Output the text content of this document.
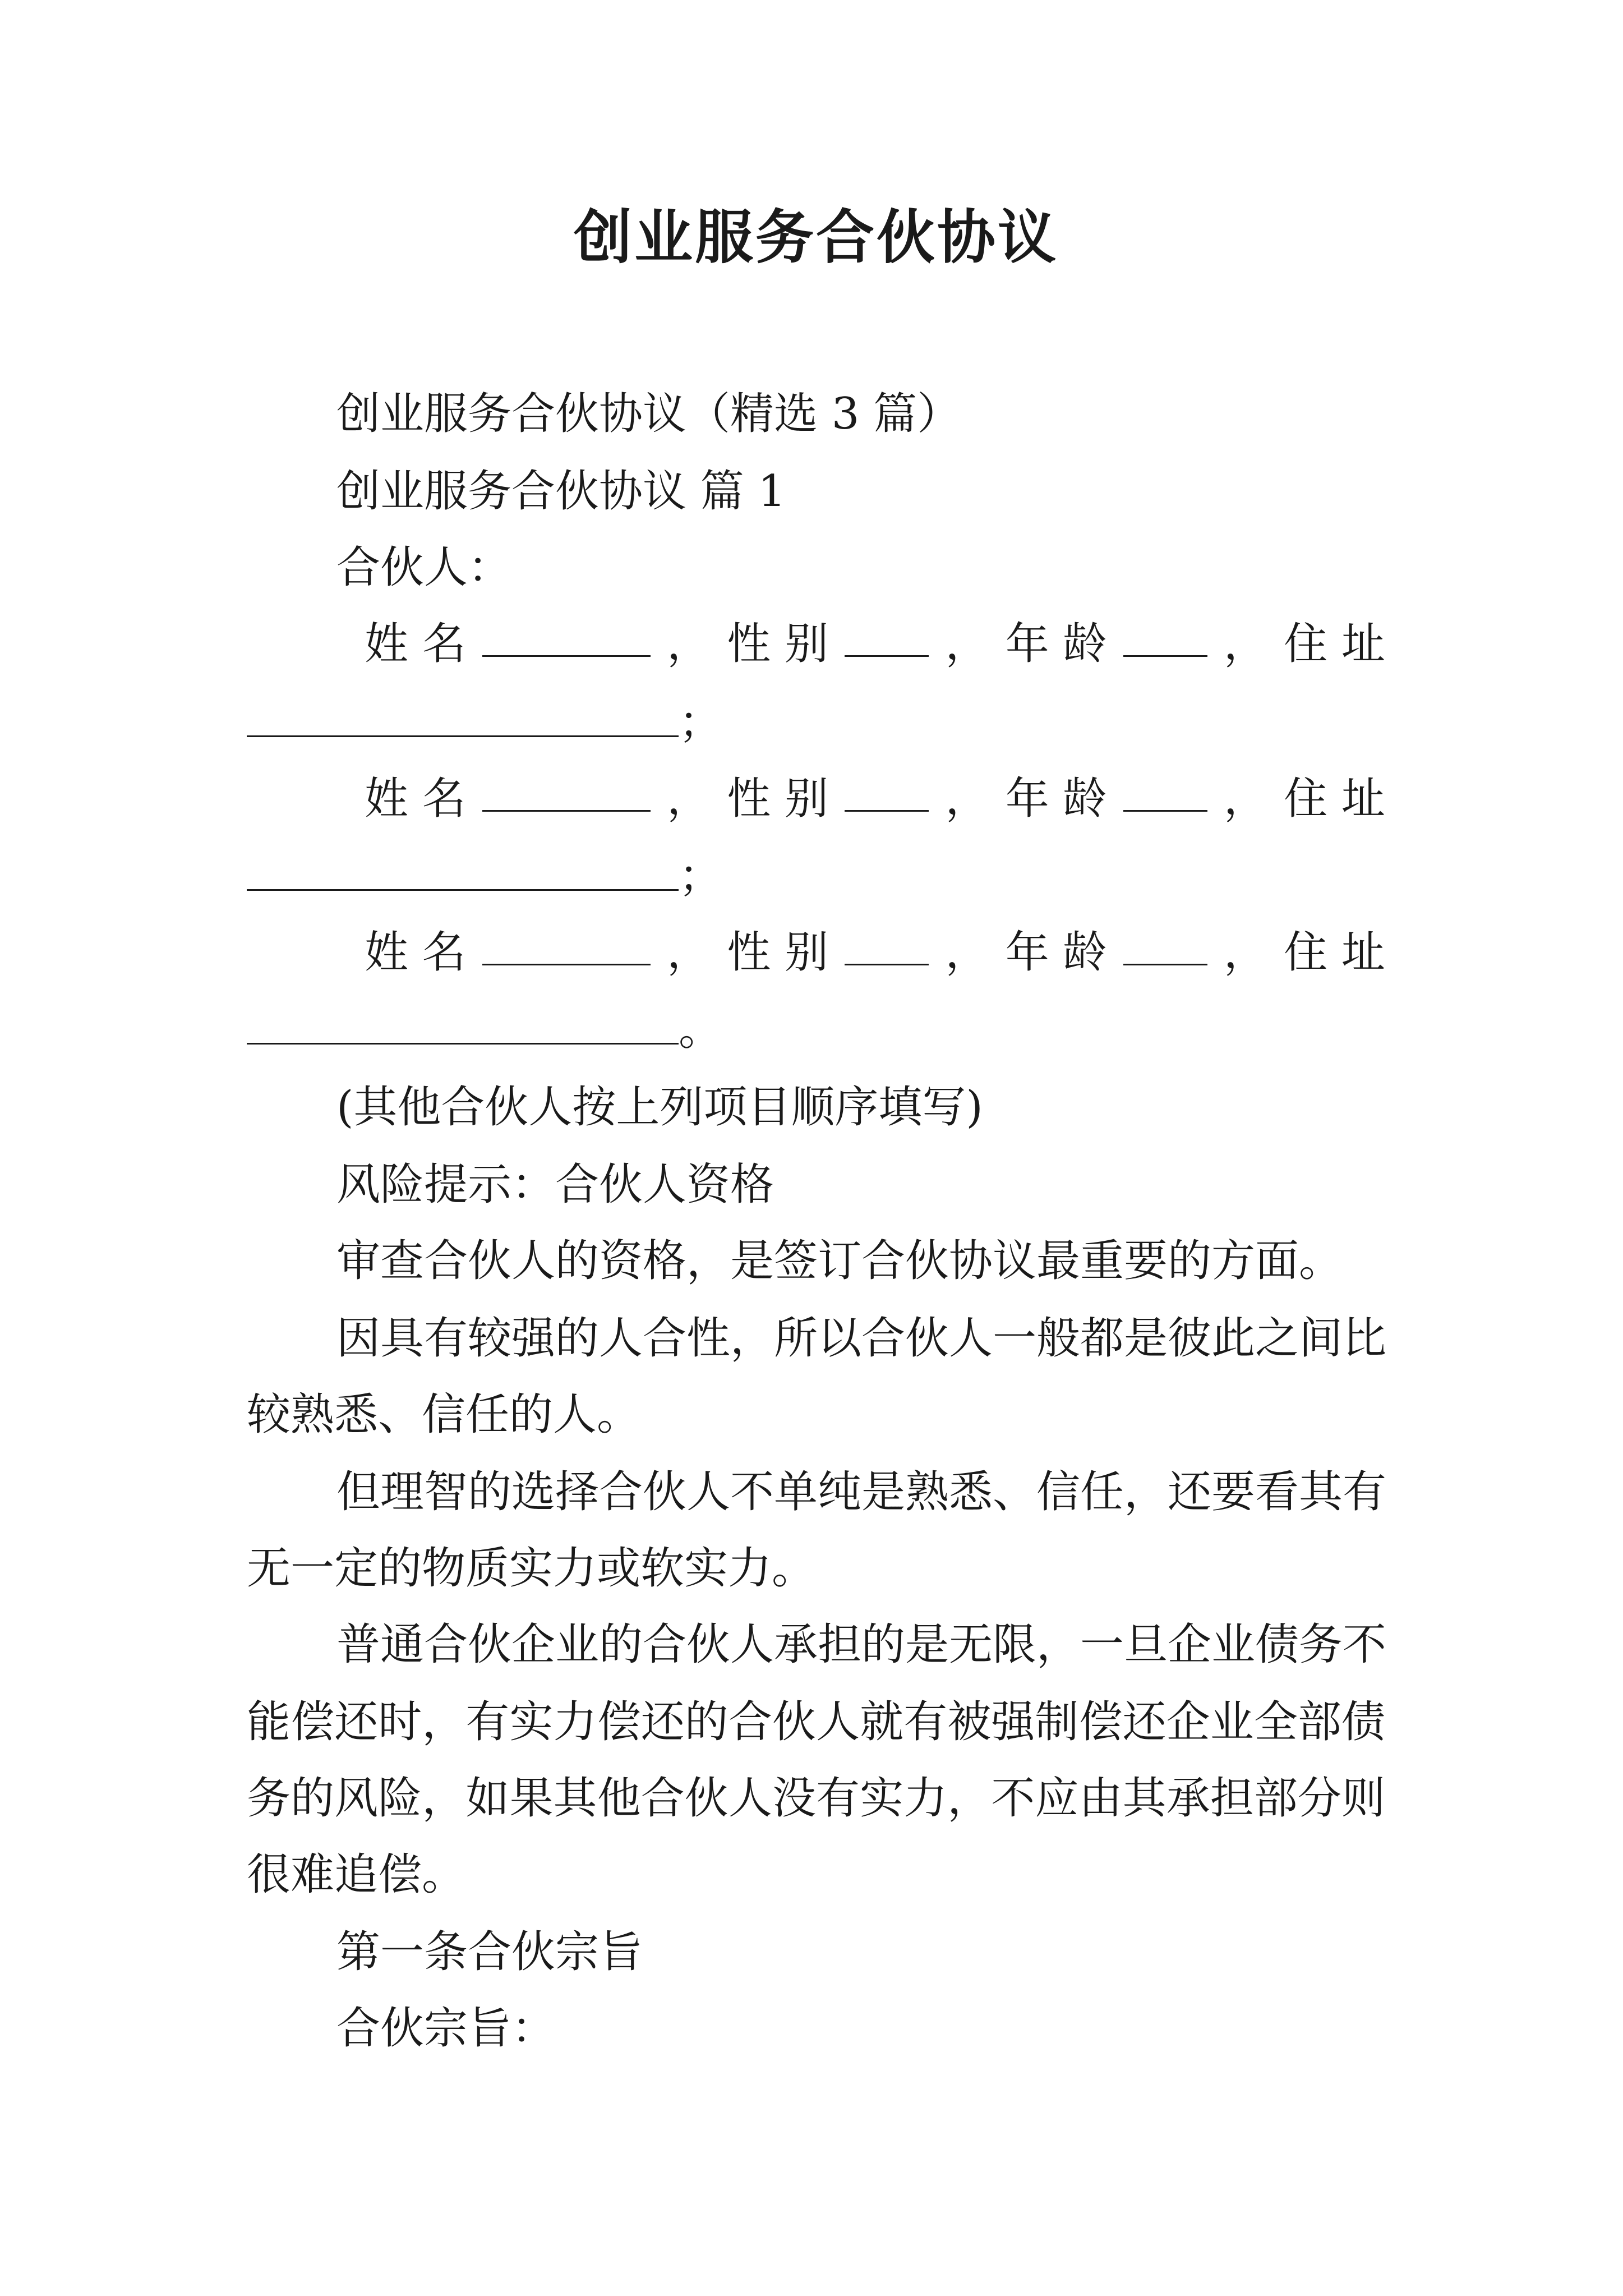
创业服务合伙协议
创业服务合伙协议（精选 3 篇）
创业服务合伙协议 篇 1
合伙人：
姓 名	， 性 别	， 年 龄	， 住 址
；
姓 名	， 性 别	， 年 龄	， 住 址
；
姓 名	， 性 别	， 年 龄	， 住 址
。
(其他合伙人按上列项目顺序填写)
风险提示：合伙人资格
审查合伙人的资格，是签订合伙协议最重要的方面。
因具有较强的人合性，所以合伙人一般都是彼此之间比
较熟悉、信任的人。
但理智的选择合伙人不单纯是熟悉、信任，还要看其有
无一定的物质实力或软实力。
普通合伙企业的合伙人承担的是无限，一旦企业债务不
能偿还时，有实力偿还的合伙人就有被强制偿还企业全部债
务的风险，如果其他合伙人没有实力，不应由其承担部分则
很难追偿。
第一条合伙宗旨
合伙宗旨：
